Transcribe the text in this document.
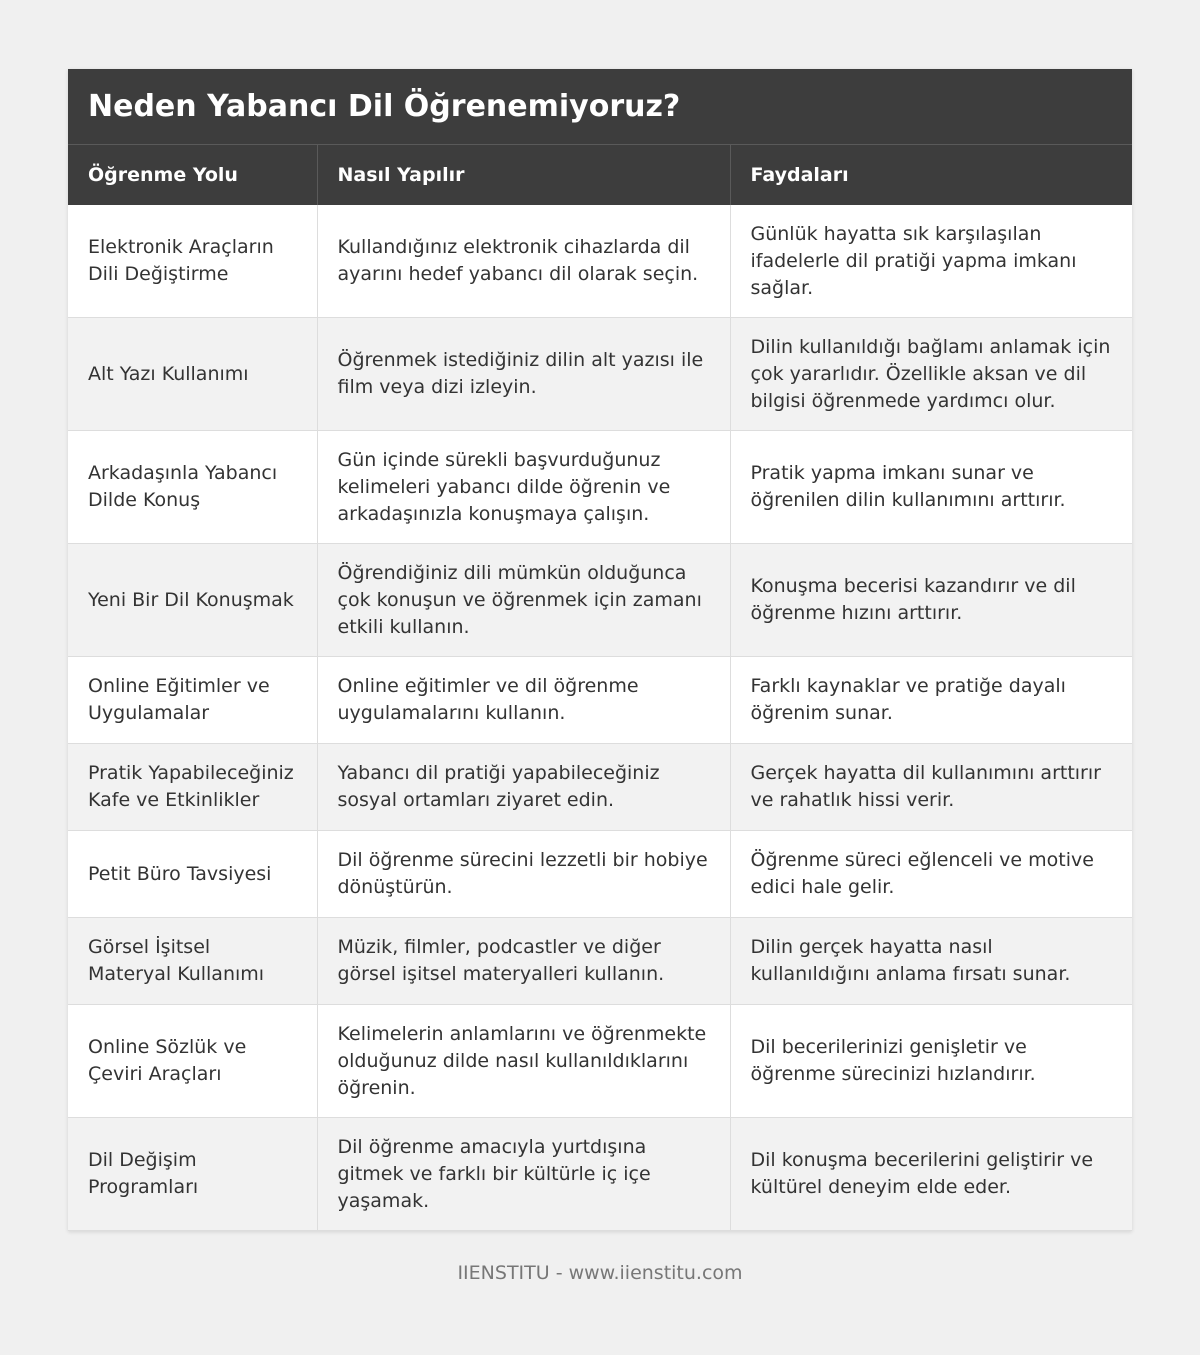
Neden Yabancı Dil Öğrenemiyoruz?
Öğrenme Yolu	Nasıl Yapılır	Faydaları
Elektronik Araçların Dili Değiştirme	Kullandığınız elektronik cihazlarda dil ayarını hedef yabancı dil olarak seçin.	Günlük hayatta sık karşılaşılan ifadelerle dil pratiği yapma imkanı sağlar.
Alt Yazı Kullanımı	Öğrenmek istediğiniz dilin alt yazısı ile film veya dizi izleyin.	Dilin kullanıldığı bağlamı anlamak için çok yararlıdır. Özellikle aksan ve dil bilgisi öğrenmede yardımcı olur.
Arkadaşınla Yabancı Dilde Konuş	Gün içinde sürekli başvurduğunuz kelimeleri yabancı dilde öğrenin ve arkadaşınızla konuşmaya çalışın.	Pratik yapma imkanı sunar ve öğrenilen dilin kullanımını arttırır.
Yeni Bir Dil Konuşmak	Öğrendiğiniz dili mümkün olduğunca çok konuşun ve öğrenmek için zamanı etkili kullanın.	Konuşma becerisi kazandırır ve dil öğrenme hızını arttırır.
Online Eğitimler ve Uygulamalar	Online eğitimler ve dil öğrenme uygulamalarını kullanın.	Farklı kaynaklar ve pratiğe dayalı öğrenim sunar.
Pratik Yapabileceğiniz Kafe ve Etkinlikler	Yabancı dil pratiği yapabileceğiniz sosyal ortamları ziyaret edin.	Gerçek hayatta dil kullanımını arttırır ve rahatlık hissi verir.
Petit Büro Tavsiyesi	Dil öğrenme sürecini lezzetli bir hobiye dönüştürün.	Öğrenme süreci eğlenceli ve motive edici hale gelir.
Görsel İşitsel Materyal Kullanımı	Müzik, filmler, podcastler ve diğer görsel işitsel materyalleri kullanın.	Dilin gerçek hayatta nasıl kullanıldığını anlama fırsatı sunar.
Online Sözlük ve Çeviri Araçları	Kelimelerin anlamlarını ve öğrenmekte olduğunuz dilde nasıl kullanıldıklarını öğrenin.	Dil becerilerinizi genişletir ve öğrenme sürecinizi hızlandırır.
Dil Değişim Programları	Dil öğrenme amacıyla yurtdışına gitmek ve farklı bir kültürle iç içe yaşamak.	Dil konuşma becerilerini geliştirir ve kültürel deneyim elde eder.
IIENSTITU - www.iienstitu.com
